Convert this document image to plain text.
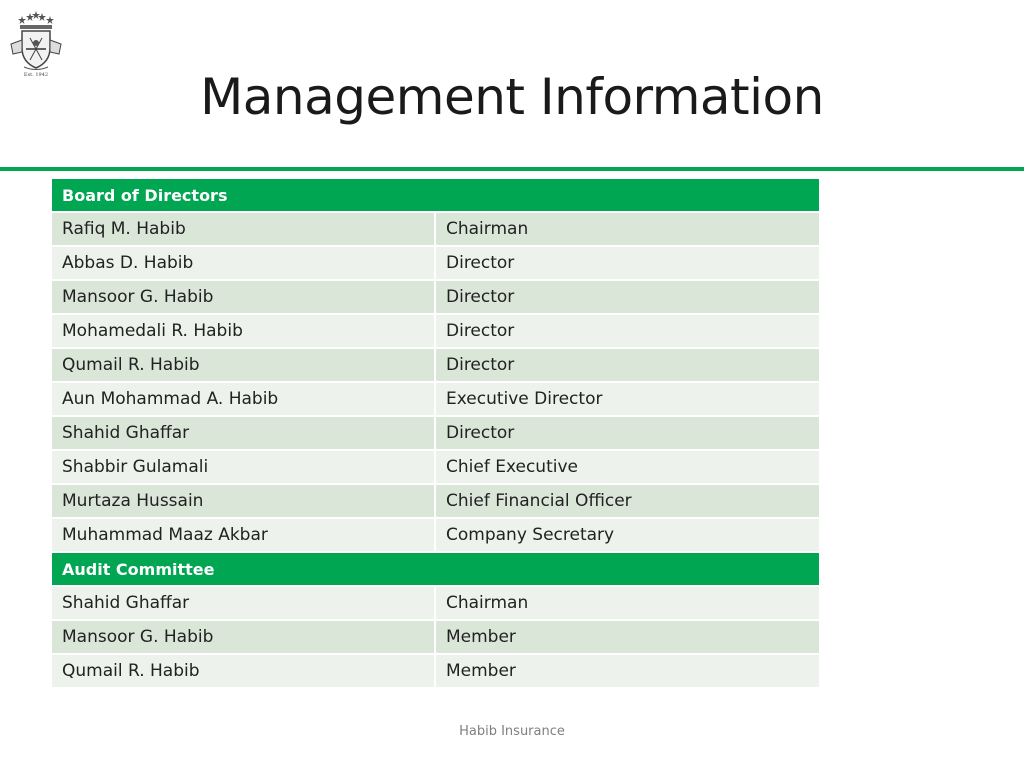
Est. 1942	Management Information
Board of Directors	
Rafiq M. Habib	Chairman
Abbas D. Habib	Director
Mansoor G. Habib	Director
Mohamedali R. Habib	Director
Qumail R. Habib	Director
Aun Mohammad A. Habib	Executive Director
Shahid Ghaffar	Director
Shabbir Gulamali	Chief Executive
Murtaza Hussain	Chief Financial Officer
Muhammad Maaz Akbar	Company Secretary
Audit Committee	
Shahid Ghaffar	Chairman
Mansoor G. Habib	Member
Qumail R. Habib	Member
Habib Insurance
